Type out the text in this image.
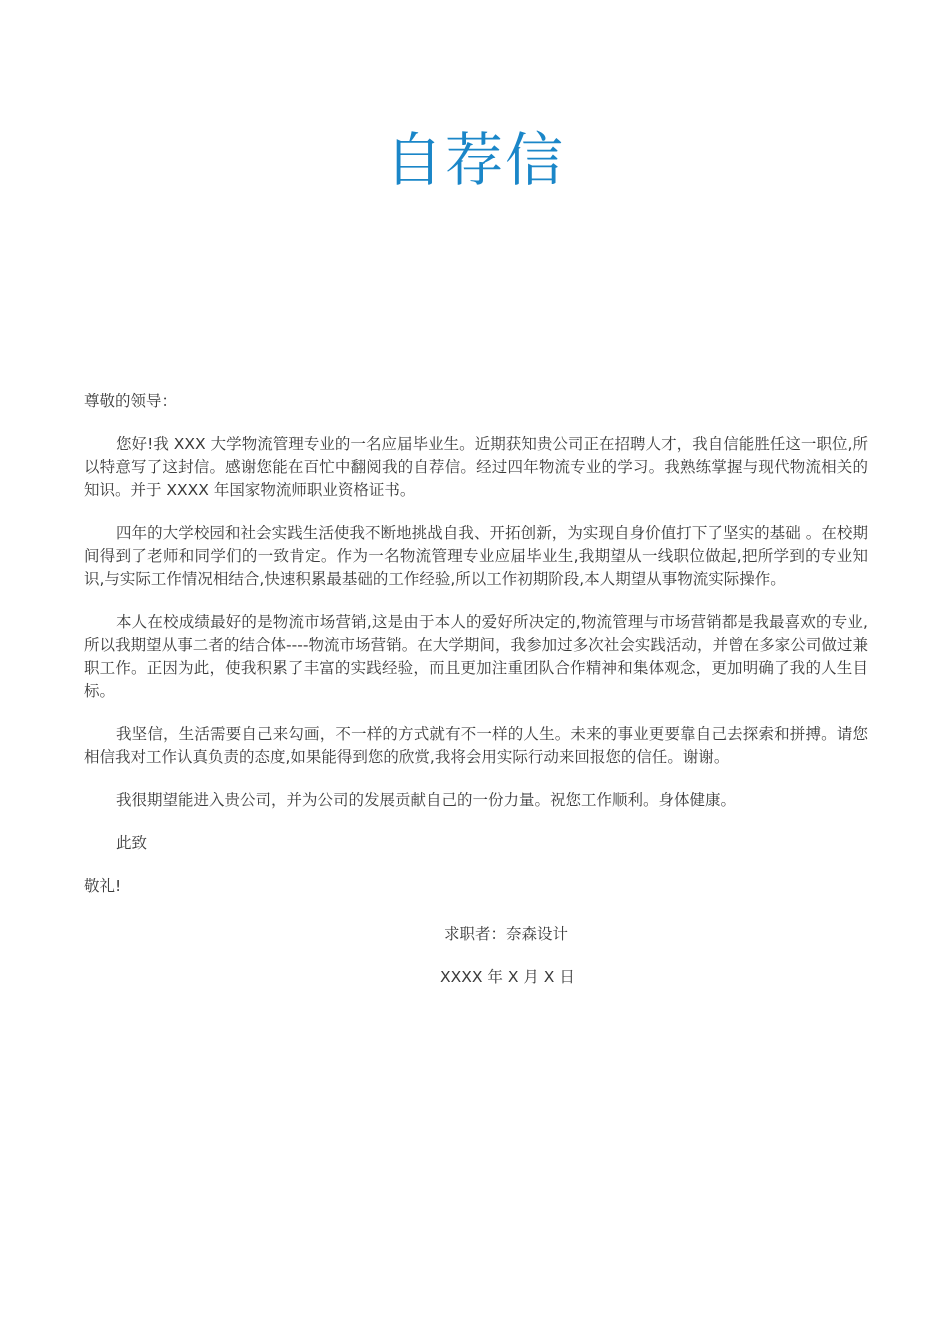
自荐信

尊敬的领导：

您好!我 XXX 大学物流管理专业的一名应届毕业生。近期获知贵公司正在招聘人才，我自信能胜任这一职位,所以特意写了这封信。感谢您能在百忙中翻阅我的自荐信。经过四年物流专业的学习。我熟练掌握与现代物流相关的知识。并于 XXXX 年国家物流师职业资格证书。

四年的大学校园和社会实践生活使我不断地挑战自我、开拓创新，为实现自身价值打下了坚实的基础 。在校期间得到了老师和同学们的一致肯定。作为一名物流管理专业应届毕业生,我期望从一线职位做起,把所学到的专业知识,与实际工作情况相结合,快速积累最基础的工作经验,所以工作初期阶段,本人期望从事物流实际操作。

本人在校成绩最好的是物流市场营销,这是由于本人的爱好所决定的,物流管理与市场营销都是我最喜欢的专业,所以我期望从事二者的结合体----物流市场营销。在大学期间，我参加过多次社会实践活动，并曾在多家公司做过兼职工作。正因为此，使我积累了丰富的实践经验，而且更加注重团队合作精神和集体观念，更加明确了我的人生目标。

我坚信，生活需要自己来勾画，不一样的方式就有不一样的人生。未来的事业更要靠自己去探索和拼搏。请您相信我对工作认真负责的态度,如果能得到您的欣赏,我将会用实际行动来回报您的信任。谢谢。

我很期望能进入贵公司，并为公司的发展贡献自己的一份力量。祝您工作顺利。身体健康。

此致

敬礼!

求职者：奈森设计

XXXX 年 X 月 X 日
